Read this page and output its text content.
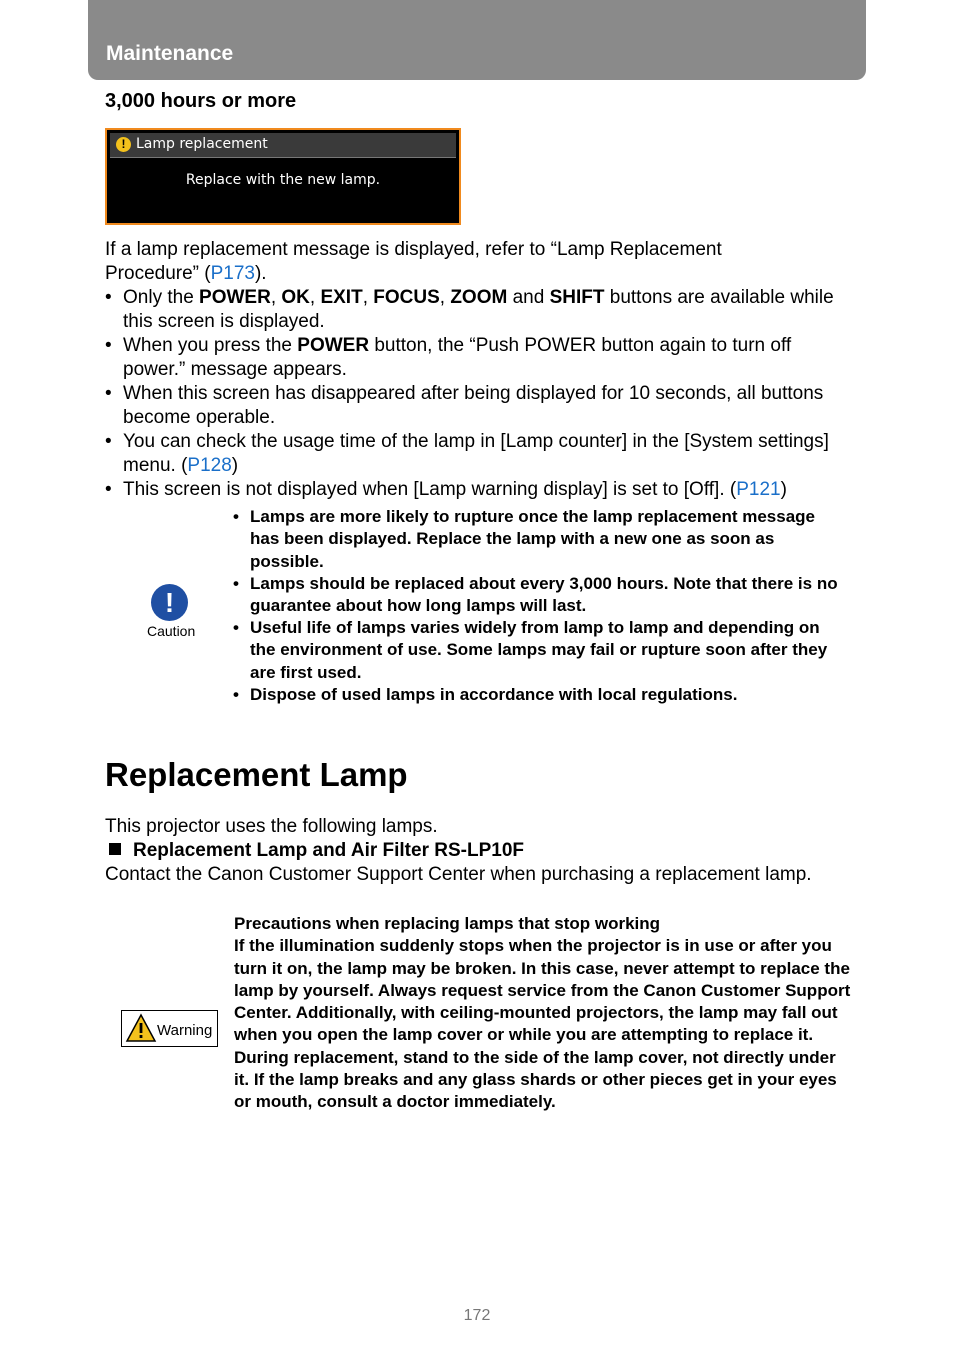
Maintenance
3,000 hours or more
! Lamp replacement
Replace with the new lamp.
If a lamp replacement message is displayed, refer to “Lamp Replacement
Procedure” (P173).
• Only the POWER, OK, EXIT, FOCUS, ZOOM and SHIFT buttons are available while this screen is displayed.
• When you press the POWER button, the “Push POWER button again to turn off power.” message appears.
• When this screen has disappeared after being displayed for 10 seconds, all buttons become operable.
• You can check the usage time of the lamp in [Lamp counter] in the [System settings] menu. (P128)
• This screen is not displayed when [Lamp warning display] is set to [Off]. (P121)
!
Caution
• Lamps are more likely to rupture once the lamp replacement message has been displayed. Replace the lamp with a new one as soon as possible.
• Lamps should be replaced about every 3,000 hours. Note that there is no guarantee about how long lamps will last.
• Useful life of lamps varies widely from lamp to lamp and depending on the environment of use. Some lamps may fail or rupture soon after they are first used.
• Dispose of used lamps in accordance with local regulations.
Replacement Lamp
This projector uses the following lamps.
Replacement Lamp and Air Filter RS-LP10F
Contact the Canon Customer Support Center when purchasing a replacement lamp.
Warning
Precautions when replacing lamps that stop working
If the illumination suddenly stops when the projector is in use or after you turn it on, the lamp may be broken. In this case, never attempt to replace the lamp by yourself. Always request service from the Canon Customer Support Center. Additionally, with ceiling-mounted projectors, the lamp may fall out when you open the lamp cover or while you are attempting to replace it. During replacement, stand to the side of the lamp cover, not directly under it. If the lamp breaks and any glass shards or other pieces get in your eyes or mouth, consult a doctor immediately.
172
